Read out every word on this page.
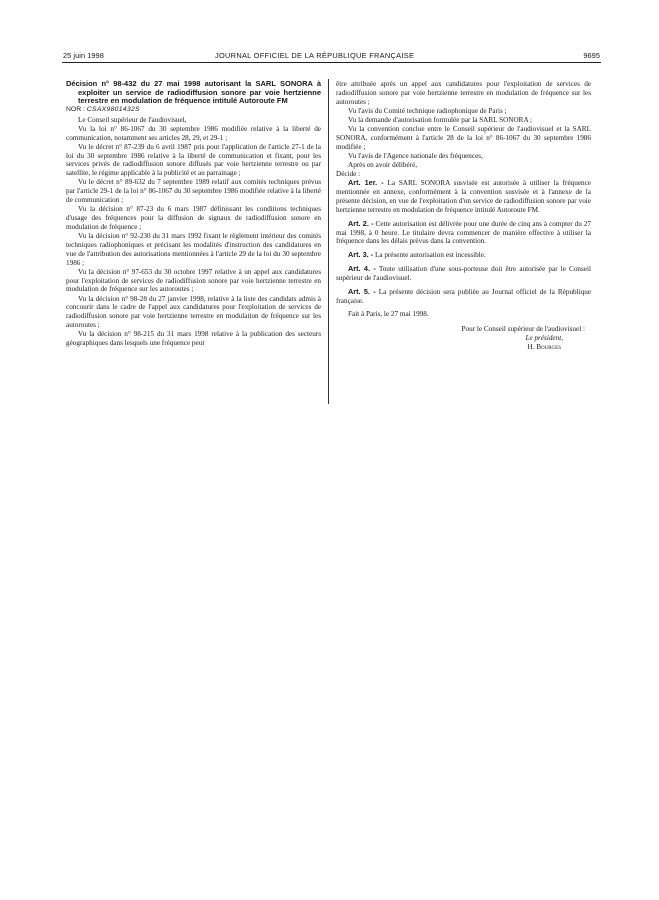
25 juin 1998	JOURNAL OFFICIEL DE LA RÉPUBLIQUE FRANÇAISE	9695

Décision n° 98-432 du 27 mai 1998 autorisant la SARL SONORA à exploiter un service de radiodiffusion sonore par voie hertzienne terrestre en modulation de fréquence intitulé Autoroute FM

NOR : CSAX9801432S

Le Conseil supérieur de l'audiovisuel,

Vu la loi n° 86-1067 du 30 septembre 1986 modifiée relative à la liberté de communication, notamment ses articles 28, 29, et 29-1 ;

Vu le décret n° 87-239 du 6 avril 1987 pris pour l'application de l'article 27-1 de la loi du 30 septembre 1986 relative à la liberté de communication et fixant, pour les services privés de radiodiffusion sonore diffusés par voie hertzienne terrestre ou par satellite, le régime applicable à la publicité et au parrainage ;

Vu le décret n° 89-632 du 7 septembre 1989 relatif aux comités techniques prévus par l'article 29-1 de la loi n° 86-1067 du 30 septembre 1986 modifiée relative à la liberté de communication ;

Vu la décision n° 87-23 du 6 mars 1987 définissant les conditions techniques d'usage des fréquences pour la diffusion de signaux de radiodiffusion sonore en modulation de fréquence ;

Vu la décision n° 92-230 du 31 mars 1992 fixant le règlement intérieur des comités techniques radiophoniques et précisant les modalités d'instruction des candidatures en vue de l'attribution des autorisations mentionnées à l'article 29 de la loi du 30 septembre 1986 ;

Vu la décision n° 97-653 du 30 octobre 1997 relative à un appel aux candidatures pour l'exploitation de services de radiodiffusion sonore par voie hertzienne terrestre en modulation de fréquence sur les autoroutes ;

Vu la décision n° 98-28 du 27 janvier 1998, relative à la liste des candidats admis à concourir dans le cadre de l'appel aux candidatures pour l'exploitation de services de radiodiffusion sonore par voie hertzienne terrestre en modulation de fréquence sur les autoroutes ;

Vu la décision n° 98-215 du 31 mars 1998 relative à la publication des secteurs géographiques dans lesquels une fréquence peut

être attribuée après un appel aux candidatures pour l'exploitation de services de radiodiffusion sonore par voie hertzienne terrestre en modulation de fréquence sur les autoroutes ;

Vu l'avis du Comité technique radiophonique de Paris ;

Vu la demande d'autorisation formulée par la SARL SONORA ;

Vu la convention conclue entre le Conseil supérieur de l'audiovisuel et la SARL SONORA, conformément à l'article 28 de la loi n° 86-1067 du 30 septembre 1986 modifiée ;

Vu l'avis de l'Agence nationale des fréquences,

Après en avoir délibéré,

Décide :

Art. 1er. - La SARL SONORA susvisée est autorisée à utiliser la fréquence mentionnée en annexe, conformément à la convention susvisée et à l'annexe de la présente décision, en vue de l'exploitation d'un service de radiodiffusion sonore par voie hertzienne terrestre en modulation de fréquence intitulé Autoroute FM.

Art. 2. - Cette autorisation est délivrée pour une durée de cinq ans à compter du 27 mai 1998, à 0 heure. Le titulaire devra commencer de manière effective à utiliser la fréquence dans les délais prévus dans la convention.

Art. 3. - La présente autorisation est incessible.

Art. 4. - Toute utilisation d'une sous-porteuse doit être autorisée par le Conseil supérieur de l'audiovisuel.

Art. 5. - La présente décision sera publiée au Journal officiel de la République française.

Fait à Paris, le 27 mai 1998.

Pour le Conseil supérieur de l'audiovisuel :
Le président,
H. Bourges
